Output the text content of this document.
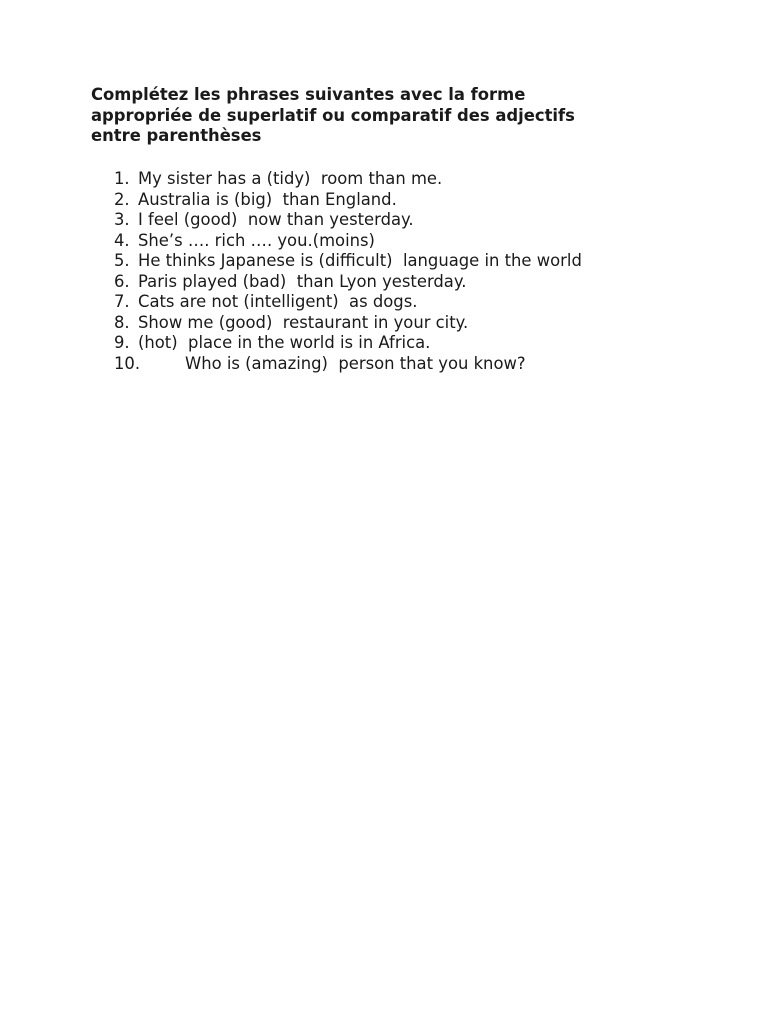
Complétez les phrases suivantes avec la forme
appropriée de superlatif ou comparatif des adjectifs
entre parenthèses

1. My sister has a (tidy)  room than me.
2. Australia is (big)  than England.
3. I feel (good)  now than yesterday.
4. She’s …. rich …. you.(moins)
5. He thinks Japanese is (difficult)  language in the world
6. Paris played (bad)  than Lyon yesterday.
7. Cats are not (intelligent)  as dogs.
8. Show me (good)  restaurant in your city.
9. (hot)  place in the world is in Africa.
10.	Who is (amazing)  person that you know?
